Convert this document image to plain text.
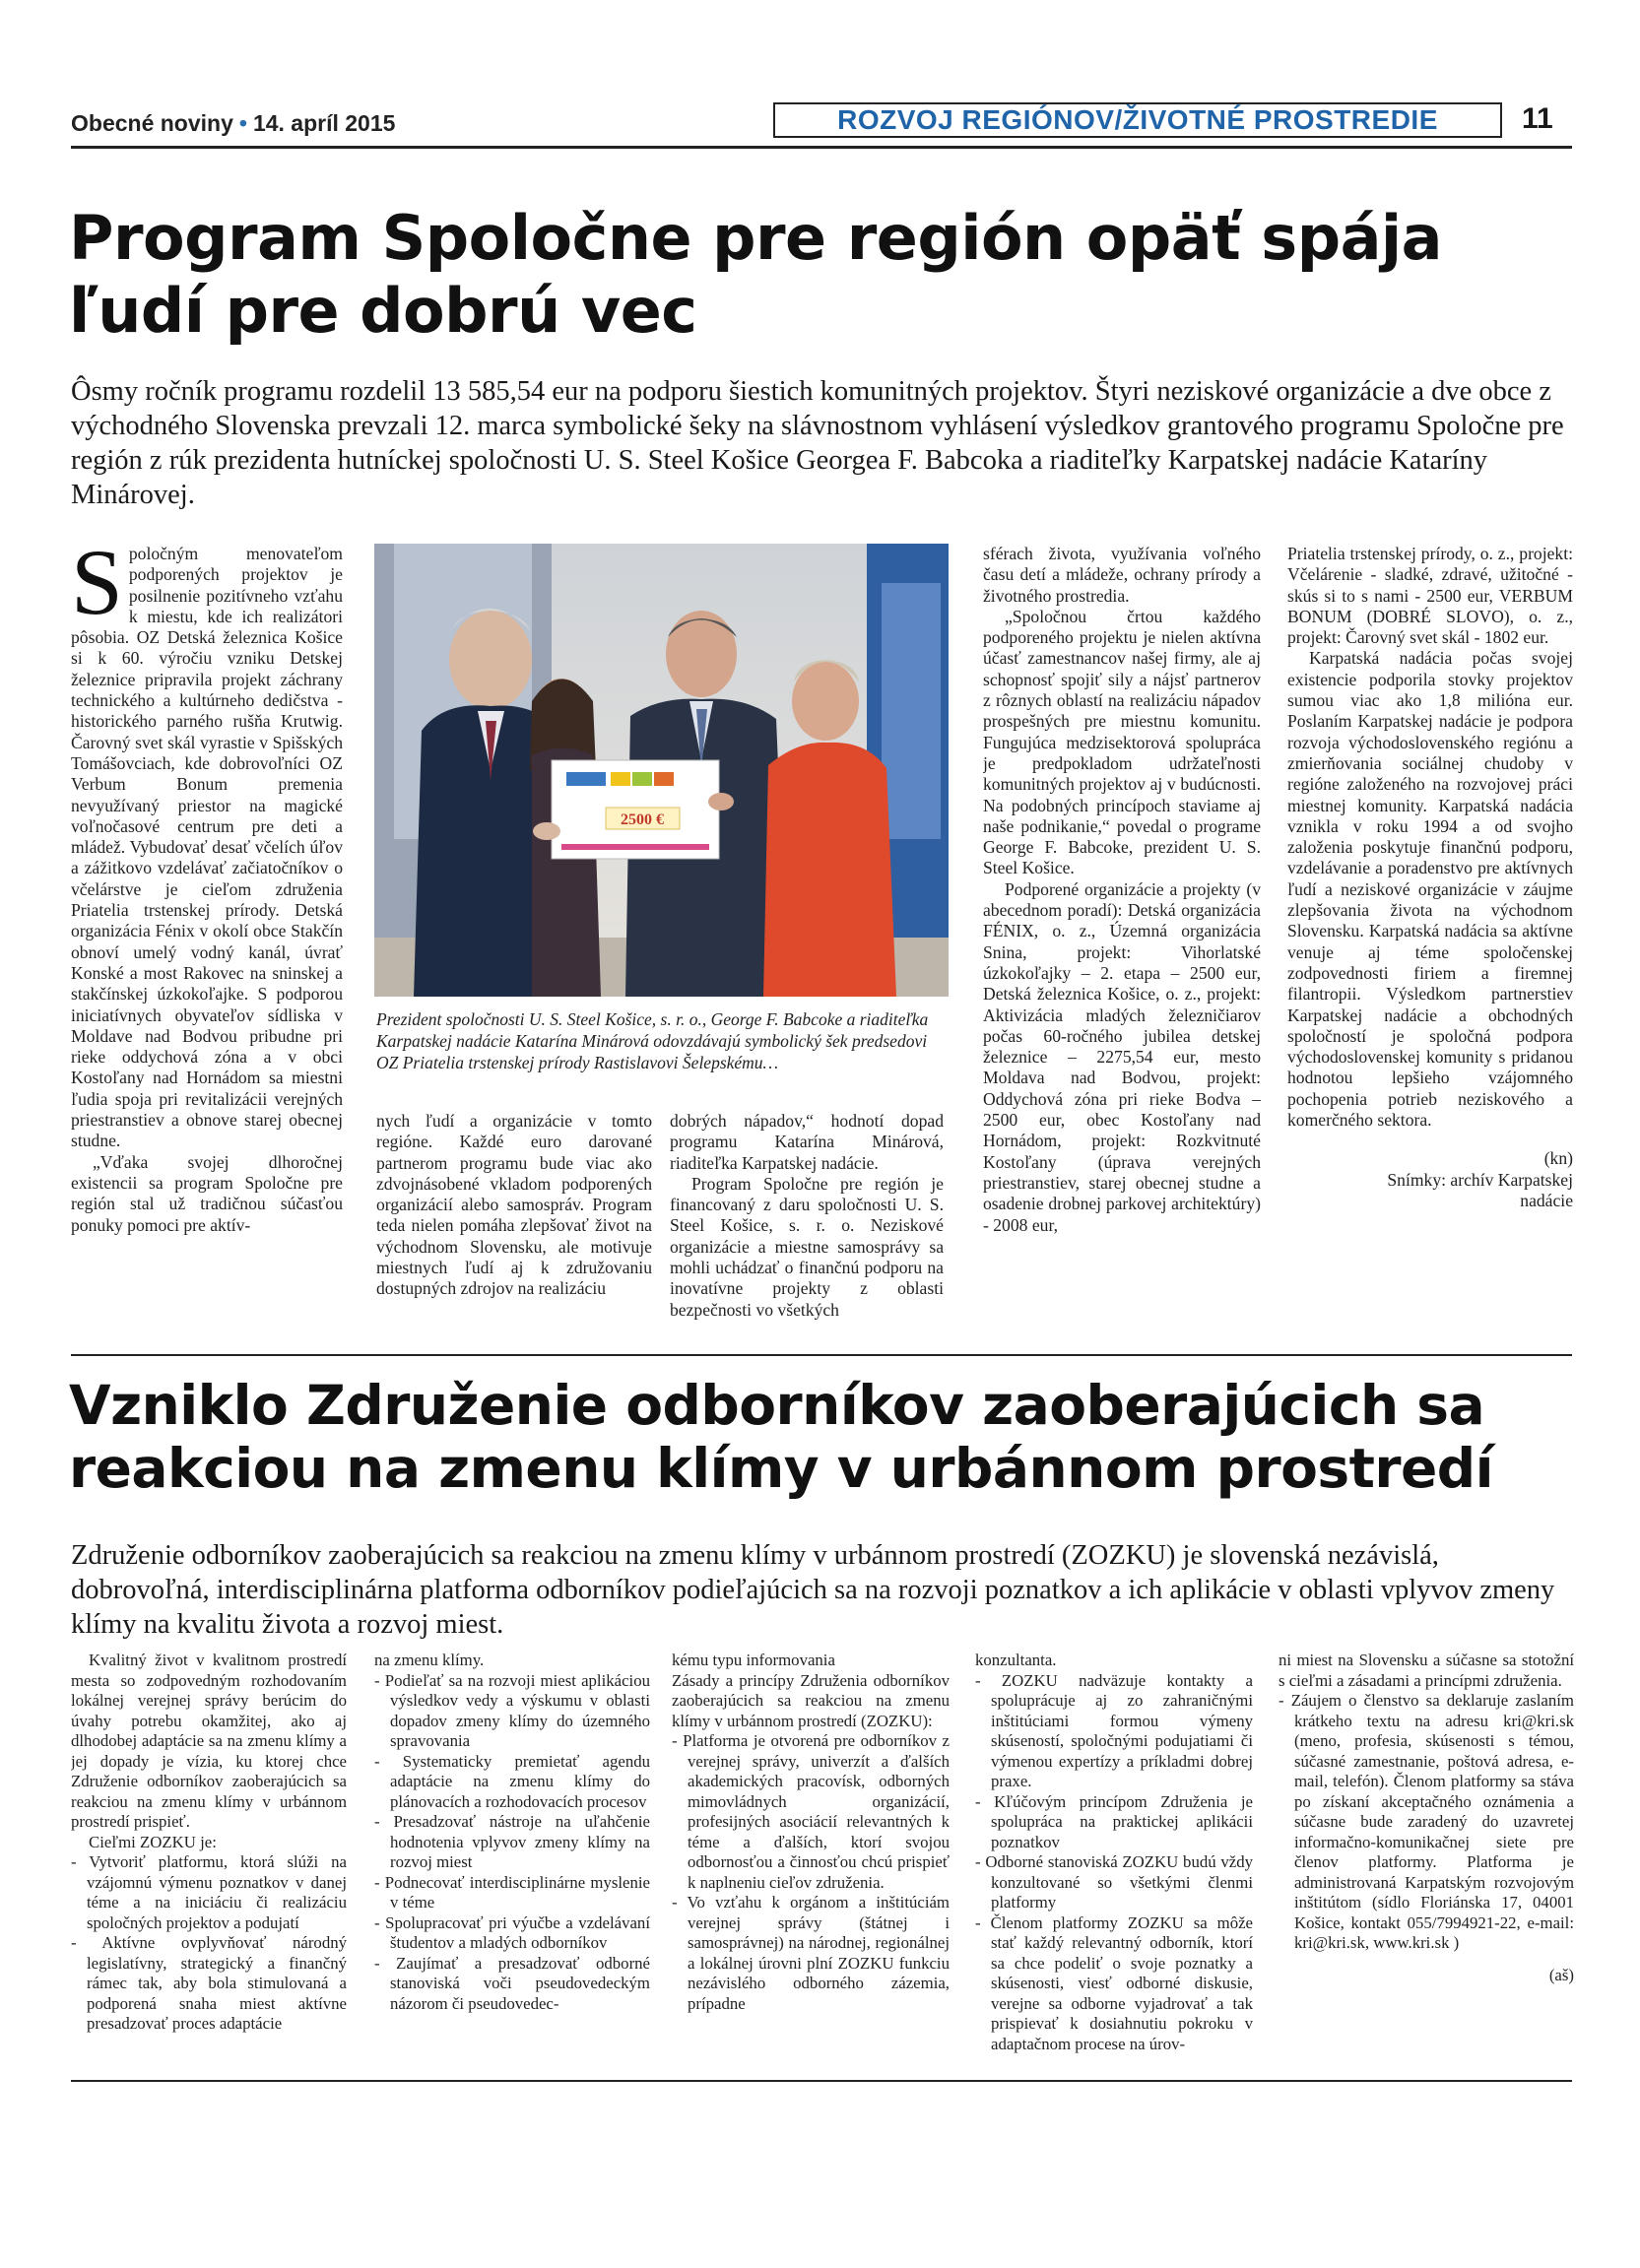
Obecné noviny • 14. apríl 2015	ROZVOJ REGIÓNOV/ŽIVOTNÉ PROSTREDIE	11
Program Spoločne pre región opäť spája ľudí pre dobrú vec

Ôsmy ročník programu rozdelil 13 585,54 eur na podporu šiestich komunitných projektov. Štyri neziskové organizácie a dve obce z východného Slovenska prevzali 12. marca symbolické šeky na slávnostnom vyhlásení výsledkov grantového programu Spoločne pre región z rúk prezidenta hutníckej spoločnosti U. S. Steel Košice Georgea F. Babcoka a riaditeľky Karpatskej nadácie Kataríny Minárovej.

S poločným menovateľom podporených projektov je posilnenie pozitívneho vzťahu k miestu, kde ich realizátori pôsobia. OZ Detská železnica Košice si k 60. výročiu vzniku Detskej železnice pripravila projekt záchrany technického a kultúrneho dedičstva - historického parného rušňa Krutwig. Čarovný svet skál vyrastie v Spišských Tomášovciach, kde dobrovoľníci OZ Verbum Bonum premenia nevyužívaný priestor na magické voľnočasové centrum pre deti a mládež. Vybudovať desať včelích úľov a zážitkovo vzdelávať začiatočníkov o včelárstve je cieľom združenia Priatelia trstenskej prírody. Detská organizácia Fénix v okolí obce Stakčín obnoví umelý vodný kanál, úvrať Konské a most Rakovec na sninskej a stakčínskej úzkokoľajke. S podporou iniciatívnych obyvateľov sídliska v Moldave nad Bodvou pribudne pri rieke oddychová zóna a v obci Kostoľany nad Hornádom sa miestni ľudia spoja pri revitalizácii verejných priestranstiev a obnove starej obecnej studne.

„Vďaka svojej dlhoročnej existencii sa program Spoločne pre región stal už tradičnou súčasťou ponuky pomoci pre aktív-

2500 €

Prezident spoločnosti U. S. Steel Košice, s. r. o., George F. Babcoke a riaditeľka Karpatskej nadácie Katarína Minárová odovzdávajú symbolický šek predsedovi OZ Priatelia trstenskej prírody Rastislavovi Šelepskému…

nych ľudí a organizácie v tomto regióne. Každé euro darované partnerom programu bude viac ako zdvojnásobené vkladom podporených organizácií alebo samospráv. Program teda nielen pomáha zlepšovať život na východnom Slovensku, ale motivuje miestnych ľudí aj k združovaniu dostupných zdrojov na realizáciu

dobrých nápadov,“ hodnotí dopad programu Katarína Minárová, riaditeľka Karpatskej nadácie.

Program Spoločne pre región je financovaný z daru spoločnosti U. S. Steel Košice, s. r. o. Neziskové organizácie a miestne samosprávy sa mohli uchádzať o finančnú podporu na inovatívne projekty z oblasti bezpečnosti vo všetkých

sférach života, využívania voľného času detí a mládeže, ochrany prírody a životného prostredia.

„Spoločnou črtou každého podporeného projektu je nielen aktívna účasť zamestnancov našej firmy, ale aj schopnosť spojiť sily a nájsť partnerov z rôznych oblastí na realizáciu nápadov prospešných pre miestnu komunitu. Fungujúca medzisektorová spolupráca je predpokladom udržateľnosti komunitných projektov aj v budúcnosti. Na podobných princípoch staviame aj naše podnikanie,“ povedal o programe George F. Babcoke, prezident U. S. Steel Košice.

Podporené organizácie a projekty (v abecednom poradí): Detská organizácia FÉNIX, o. z., Územná organizácia Snina, projekt: Vihorlatské úzkokoľajky – 2. etapa – 2500 eur, Detská železnica Košice, o. z., projekt: Aktivizácia mladých železničiarov počas 60-ročného jubilea detskej železnice – 2275,54 eur, mesto Moldava nad Bodvou, projekt: Oddychová zóna pri rieke Bodva – 2500 eur, obec Kostoľany nad Hornádom, projekt: Rozkvitnuté Kostoľany (úprava verejných priestranstiev, starej obecnej studne a osadenie drobnej parkovej architektúry) - 2008 eur,

Priatelia trstenskej prírody, o. z., projekt: Včelárenie - sladké, zdravé, užitočné - skús si to s nami - 2500 eur, VERBUM BONUM (DOBRÉ SLOVO), o. z., projekt: Čarovný svet skál - 1802 eur.

Karpatská nadácia počas svojej existencie podporila stovky projektov sumou viac ako 1,8 milióna eur. Poslaním Karpatskej nadácie je podpora rozvoja východoslovenského regiónu a zmierňovania sociálnej chudoby v regióne založeného na rozvojovej práci miestnej komunity. Karpatská nadácia vznikla v roku 1994 a od svojho založenia poskytuje finančnú podporu, vzdelávanie a poradenstvo pre aktívnych ľudí a neziskové organizácie v záujme zlepšovania života na východnom Slovensku. Karpatská nadácia sa aktívne venuje aj téme spoločenskej zodpovednosti firiem a firemnej filantropii. Výsledkom partnerstiev Karpatskej nadácie a obchodných spoločností je spoločná podpora východoslovenskej komunity s pridanou hodnotou lepšieho vzájomného pochopenia potrieb neziskového a komerčného sektora.

(kn)

Snímky: archív Karpatskej

nadácie

Vzniklo Združenie odborníkov zaoberajúcich sa reakciou na zmenu klímy v urbánnom prostredí

Združenie odborníkov zaoberajúcich sa reakciou na zmenu klímy v urbánnom prostredí (ZOZKU) je slovenská nezávislá, dobrovoľná, interdisciplinárna platforma odborníkov podieľajúcich sa na rozvoji poznatkov a ich aplikácie v oblasti vplyvov zmeny klímy na kvalitu života a rozvoj miest.

Kvalitný život v kvalitnom prostredí mesta so zodpovedným rozhodovaním lokálnej verejnej správy berúcim do úvahy potrebu okamžitej, ako aj dlhodobej adaptácie sa na zmenu klímy a jej dopady je vízia, ku ktorej chce Združenie odborníkov zaoberajúcich sa reakciou na zmenu klímy v urbánnom prostredí prispieť.

Cieľmi ZOZKU je:

- Vytvoriť platformu, ktorá slúži na vzájomnú výmenu poznatkov v danej téme a na iniciáciu či realizáciu spoločných projektov a podujatí

- Aktívne ovplyvňovať národný legislatívny, strategický a finančný rámec tak, aby bola stimulovaná a podporená snaha miest aktívne presadzovať proces adaptácie

na zmenu klímy.

- Podieľať sa na rozvoji miest aplikáciou výsledkov vedy a výskumu v oblasti dopadov zmeny klímy do územného spravovania

- Systematicky premietať agendu adaptácie na zmenu klímy do plánovacích a rozhodovacích procesov

- Presadzovať nástroje na uľahčenie hodnotenia vplyvov zmeny klímy na rozvoj miest

- Podnecovať interdisciplinárne myslenie v téme

- Spolupracovať pri výučbe a vzdelávaní študentov a mladých odborníkov

- Zaujímať a presadzovať odborné stanoviská voči pseudovedeckým názorom či pseudovedec-

kému typu informovania

Zásady a princípy Združenia odborníkov zaoberajúcich sa reakciou na zmenu klímy v urbánnom prostredí (ZOZKU):

- Platforma je otvorená pre odborníkov z verejnej správy, univerzít a ďalších akademických pracovísk, odborných mimovládnych organizácií, profesijných asociácií relevantných k téme a ďalších, ktorí svojou odbornosťou a činnosťou chcú prispieť k naplneniu cieľov združenia.

- Vo vzťahu k orgánom a inštitúciám verejnej správy (štátnej i samosprávnej) na národnej, regionálnej a lokálnej úrovni plní ZOZKU funkciu nezávislého odborného zázemia, prípadne

konzultanta.

- ZOZKU nadväzuje kontakty a spoluprácuje aj zo zahraničnými inštitúciami formou výmeny skúseností, spoločnými podujatiami či výmenou expertízy a príkladmi dobrej praxe.

- Kľúčovým princípom Združenia je spolupráca na praktickej aplikácii poznatkov

- Odborné stanoviská ZOZKU budú vždy konzultované so všetkými členmi platformy

- Členom platformy ZOZKU sa môže stať každý relevantný odborník, ktorí sa chce podeliť o svoje poznatky a skúsenosti, viesť odborné diskusie, verejne sa odborne vyjadrovať a tak prispievať k dosiahnutiu pokroku v adaptačnom procese na úrov-

ni miest na Slovensku a súčasne sa stotožní s cieľmi a zásadami a princípmi združenia.

- Záujem o členstvo sa deklaruje zaslaním krátkeho textu na adresu kri@kri.sk (meno, profesia, skúsenosti s témou, súčasné zamestnanie, poštová adresa, e-mail, telefón). Členom platformy sa stáva po získaní akceptačného oznámenia a súčasne bude zaradený do uzavretej informačno-komunikačnej siete pre členov platformy. Platforma je administrovaná Karpatským rozvojovým inštitútom (sídlo Floriánska 17, 04001 Košice, kontakt 055/7994921-22, e-mail: kri@kri.sk, www.kri.sk )

(aš)
